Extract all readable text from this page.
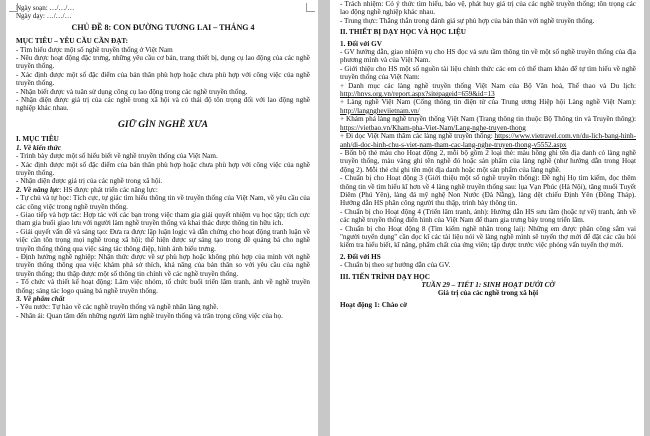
Ngày soạn: …/…/…

Ngày dạy: …/…/…

CHỦ ĐỀ 8: CON ĐƯỜNG TƯƠNG LAI – THÁNG 4

MỤC TIÊU – YÊU CẦU CẦN ĐẠT:

- Tìm hiểu được một số nghề truyền thống ở Việt Nam

- Nêu được hoạt động đặc trưng, những yêu cầu cơ bản, trang thiết bị, dụng cụ lao động của các nghề truyền thống.

- Xác định được một số đặc điểm của bản thân phù hợp hoặc chưa phù hợp với công việc của nghề truyền thống.

- Nhận biết được và tuân sử dụng công cụ lao động trong các nghề truyền thống.

- Nhận diện được giá trị của các nghề trong xã hội và có thái độ tôn trọng đối với lao động nghề nghiệp khác nhau.

GIỮ GÌN NGHỀ XƯA

I. MỤC TIÊU

1. Về kiến thức

- Trình bày được một số hiểu biết về nghề truyền thống của Việt Nam.

- Xác định được một số đặc điểm của bản thân phù hợp hoặc chưa phù hợp với công việc của nghề truyền thống.

- Nhận diện được giá trị của các nghề trong xã hội.

2. Về năng lực: HS được phát triển các năng lực:

- Tự chủ và tự học: Tích cực, tự giác tìm hiểu thông tin về truyền thống của Việt Nam, về yêu cầu của các công việc trong nghề truyền thống.

- Giao tiếp và hợp tác: Hợp tác với các bạn trong việc tham gia giải quyết nhiệm vụ học tập; tích cực tham gia buổi giao lưu với người làm nghề truyền thống và khai thác được thông tin hữu ích.

- Giải quyết vấn đề và sáng tạo: Đưa ra được lập luận logic và dẫn chứng cho hoạt động tranh luận về việc cần tôn trọng mọi nghề trong xã hội; thể hiện được sự sáng tạo trong đề quảng bá cho nghề truyền thống thông qua việc sáng tác thông điệp, hình ảnh biểu trưng.

- Định hướng nghề nghiệp: Nhận thức được về sự phù hợp hoặc không phù hợp của mình với nghề truyền thống thông qua việc khám phá sở thích, khả năng của bản thân so với yêu cầu của nghề truyền thống; thu thập được một số thông tin chính về các nghề truyền thống.

- Tổ chức và thiết kế hoạt động: Lâm việc nhóm, tổ chức buổi triển lãm tranh, ảnh về nghề truyền thống; sáng tác logo quảng bá nghề truyền thống.

3. Về phẩm chất

- Yêu nước: Tự hào về các nghề truyền thống và nghề nhân làng nghề.

- Nhân ái: Quan tâm đến những người làm nghề truyền thống và trân trọng công việc của họ.

- Trách nhiệm: Có ý thức tìm hiểu, bảo vệ, phát huy giá trị của các nghề truyền thống; tôn trọng các lao động nghề nghiệp khác nhau.

- Trung thực: Thẳng thắn trong đánh giá sự phù hợp của bản thân với nghề truyền thống.

II. THIẾT BỊ DẠY HỌC VÀ HỌC LIỆU

1. Đối với GV

- GV hướng dẫn, giao nhiệm vụ cho HS đọc và sưu tầm thông tin về một số nghề truyền thống của địa phương mình và của Việt Nam.

- Giới thiệu cho HS một số nguồn tài liệu chính thức các em có thể tham khảo để tự tìm hiểu về nghề truyền thống của Việt Nam:

+ Danh mục các làng nghề truyền thống Việt Nam của Bộ Văn hoá, Thể thao và Du lịch: http://hnvs.org.vn/report.aspx?sitepageid=659&id=13

+ Làng nghề Việt Nam (Cổng thông tin điện tử của Trung ương Hiệp hội Làng nghề Việt Nam): http://langngheviietnam.vn/

+ Khám phá làng nghề truyền thống Việt Nam (Trang thông tin thuộc Bộ Thông tin và Truyền thông): https://vietbao.vn/Kham-pha-Viet-Nam/Lang-nghe-truyen-thong

+ Đi dọc Việt Nam thăm các làng nghề truyền thống: https://www.vietravel.com.vn/du-lich-bang-hinh-anh/di-doc-hinh-chu-s-viet-nam-tham-cac-lang-nghe-truyen-thong-v5552.aspx

- Bốn bộ thẻ màu cho Hoạt động 2, mỗi bộ gồm 2 loại thẻ: màu hồng ghi tên địa danh có làng nghề truyền thống, màu vàng ghi tên nghề đó hoặc sản phẩm của làng nghề (như hướng dẫn trong Hoạt động 2). Mỗi thẻ chỉ ghi tên một địa danh hoặc một sản phẩm của làng nghề.

- Chuẩn bị cho Hoạt động 3 (Giới thiệu một số nghề truyền thống): Đề nghị Họ tìm kiếm, đọc thêm thông tin về tìm hiểu kĩ hơn về 4 làng nghề truyền thống sau: lụa Vạn Phúc (Hà Nội), tăng muối Tuyết Diêm (Phú Yên), làng đá mỹ nghệ Non Nước (Đà Nẵng), làng dệt chiếu Định Yên (Đồng Tháp). Hướng dẫn HS phân công người thu thập, trình bày thông tin.

- Chuẩn bị cho Hoạt động 4 (Triển lãm tranh, ảnh): Hướng dẫn HS sưu tầm (hoặc tự vẽ) tranh, ảnh về các nghề truyền thống điển hình của Việt Nam để tham gia trưng bày trong triển lãm.

- Chuẩn bị cho Hoạt động 8 (Tìm kiếm nghề nhân trong lai): Những em được phân công sắm vai "người tuyển dụng" cần đọc kĩ các tài liệu nói về làng nghề mình sẽ tuyển thợ mới để đặt các câu hỏi kiểm tra hiểu biết, kĩ năng, phẩm chất của ứng viên; tập được trước việc phỏng vấn tuyển thợ mới.

2. Đối với HS

- Chuẩn bị theo sự hướng dẫn của GV.

III. TIẾN TRÌNH DẠY HỌC

TUẦN 29 – TIẾT 1: SINH HOẠT DƯỚI CỜ

Giá trị của các nghề trong xã hội

Hoạt động 1: Chào cờ
